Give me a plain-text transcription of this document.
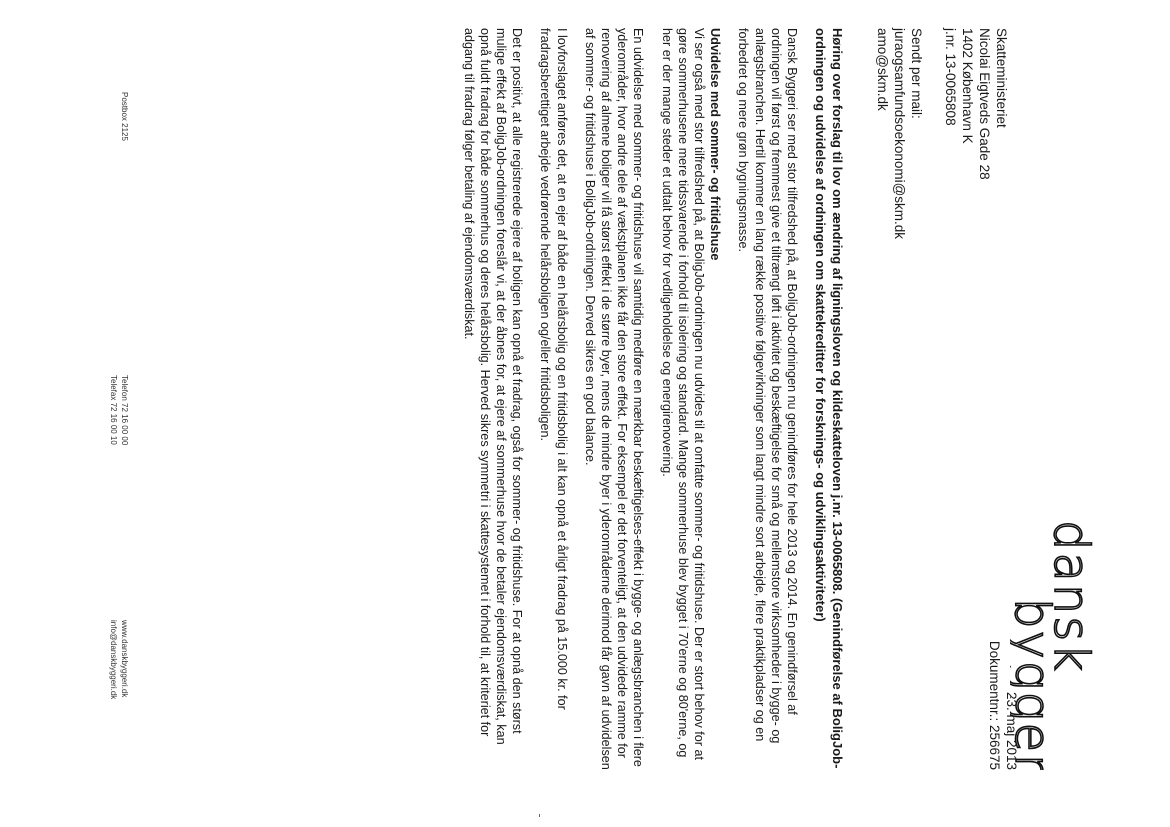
dansk
bygge
Skatteministeriet
Nicolai Eigtveds Gade 28
1402 København K
j.nr. 13-0065808
Sendt per mail:
juraogsamfundsoekonomi@skm.dk
amo@skm.dk
23. maj 2013
Dokumentnr.: 256675
Høring over forslag til lov om ændring af ligningsloven og kildeskatteloven j.nr. 13-0065808. (Genindførelse af BoligJob-ordningen og udvidelse af ordningen om skattekreditter for forsknings- og udviklingsaktiviteter)

Dansk Byggeri ser med stor tilfredshed på, at BoligJob-ordningen nu genindføres for hele 2013 og 2014. En genindførsel af ordningen vil først og fremmest give et tiltrængt løft i aktivitet og beskæftigelse for små og mellemstore virksomheder i bygge- og anlægsbranchen. Hertil kommer en lang række positive følgevirkninger som langt mindre sort arbejde, flere praktikpladser og en forbedret og mere grøn bygningsmasse.

Udvidelse med sommer- og fritidshuse

Vi ser også med stor tilfredshed på, at BoligJob-ordningen nu udvides til at omfatte sommer- og fritidshuse. Der er stort behov for at gøre sommerhusene mere tidssvarende i forhold til isolering og standard. Mange sommerhuse blev bygget i 70'erne og 80'erne, og her er der mange steder et udtalt behov for vedligeholdelse og energirenovering.

En udvidelse med sommer- og fritidshuse vil samtidig medføre en mærkbar beskæftigelses-effekt i bygge- og anlægsbranchen i flere yderområder, hvor andre dele af vækstplanen ikke får den store effekt. For eksempel er det forventeligt, at den udvidede ramme for renovering af almene boliger vil få størst effekt i de større byer, mens de mindre byer i yderområderne derimod får gavn af udvidelsen af sommer- og fritidshuse i BoligJob-ordningen. Derved sikres en god balance.

I lovforslaget anføres det, at en ejer af både en helårsbolig og en fritidsbolig i alt kan opnå et årligt fradrag på 15.000 kr. for fradragsberettiget arbejde vedrørende helårsboligen og/eller fritidsboligen.

Det er positivt, at alle registrerede ejere af boligen kan opnå et fradrag, også for sommer- og fritidshuse. For at opnå den størst mulige effekt af BoligJob-ordningen foreslår vi, at der åbnes for, at ejere af sommerhuse hvor de betaler ejendomsværdiskat, kan opnå fuldt fradrag for både sommerhus og deres helårsbolig. Herved sikres symmetri i skattesystemet i forhold til, at kriteriet for adgang til fradrag følger betaling af ejendomsværdiskat.

Postbox 2125
Telefon 72 16 00 00
Telefax 72 16 00 10
www.danskbyggeri.dk
info@danskbyggeri.dk
